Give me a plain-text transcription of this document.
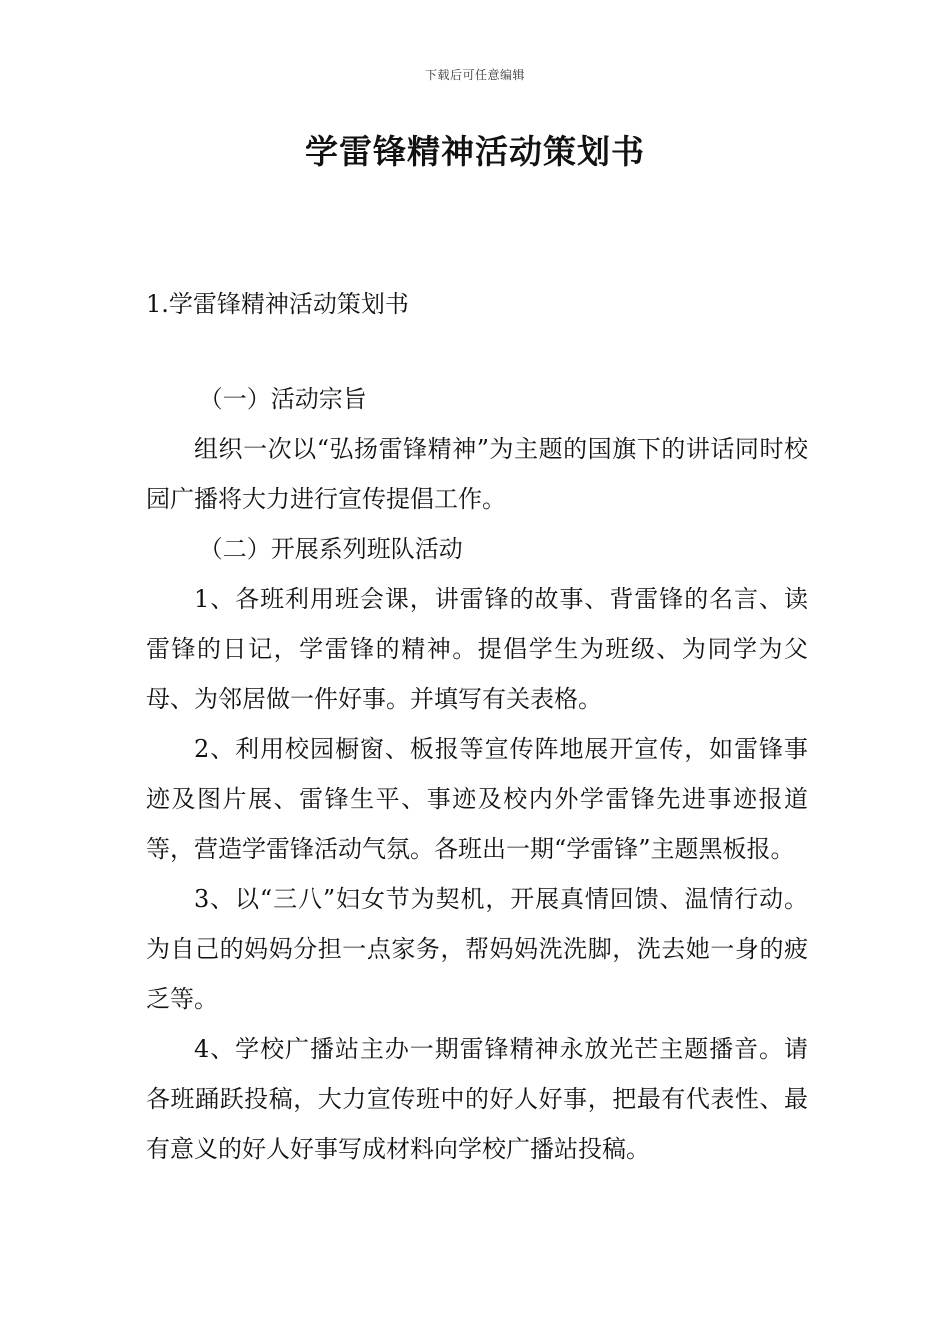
下载后可任意编辑
学雷锋精神活动策划书
1.学雷锋精神活动策划书

（一）活动宗旨

组织一次以“弘扬雷锋精神”为主题的国旗下的讲话同时校园广播将大力进行宣传提倡工作。

（二）开展系列班队活动

1、各班利用班会课，讲雷锋的故事、背雷锋的名言、读雷锋的日记，学雷锋的精神。提倡学生为班级、为同学为父母、为邻居做一件好事。并填写有关表格。

2、利用校园橱窗、板报等宣传阵地展开宣传，如雷锋事迹及图片展、雷锋生平、事迹及校内外学雷锋先进事迹报道等，营造学雷锋活动气氛。各班出一期“学雷锋”主题黑板报。

3、以“三八”妇女节为契机，开展真情回馈、温情行动。为自己的妈妈分担一点家务，帮妈妈洗洗脚，洗去她一身的疲乏等。

4、学校广播站主办一期雷锋精神永放光芒主题播音。请各班踊跃投稿，大力宣传班中的好人好事，把最有代表性、最有意义的好人好事写成材料向学校广播站投稿。
